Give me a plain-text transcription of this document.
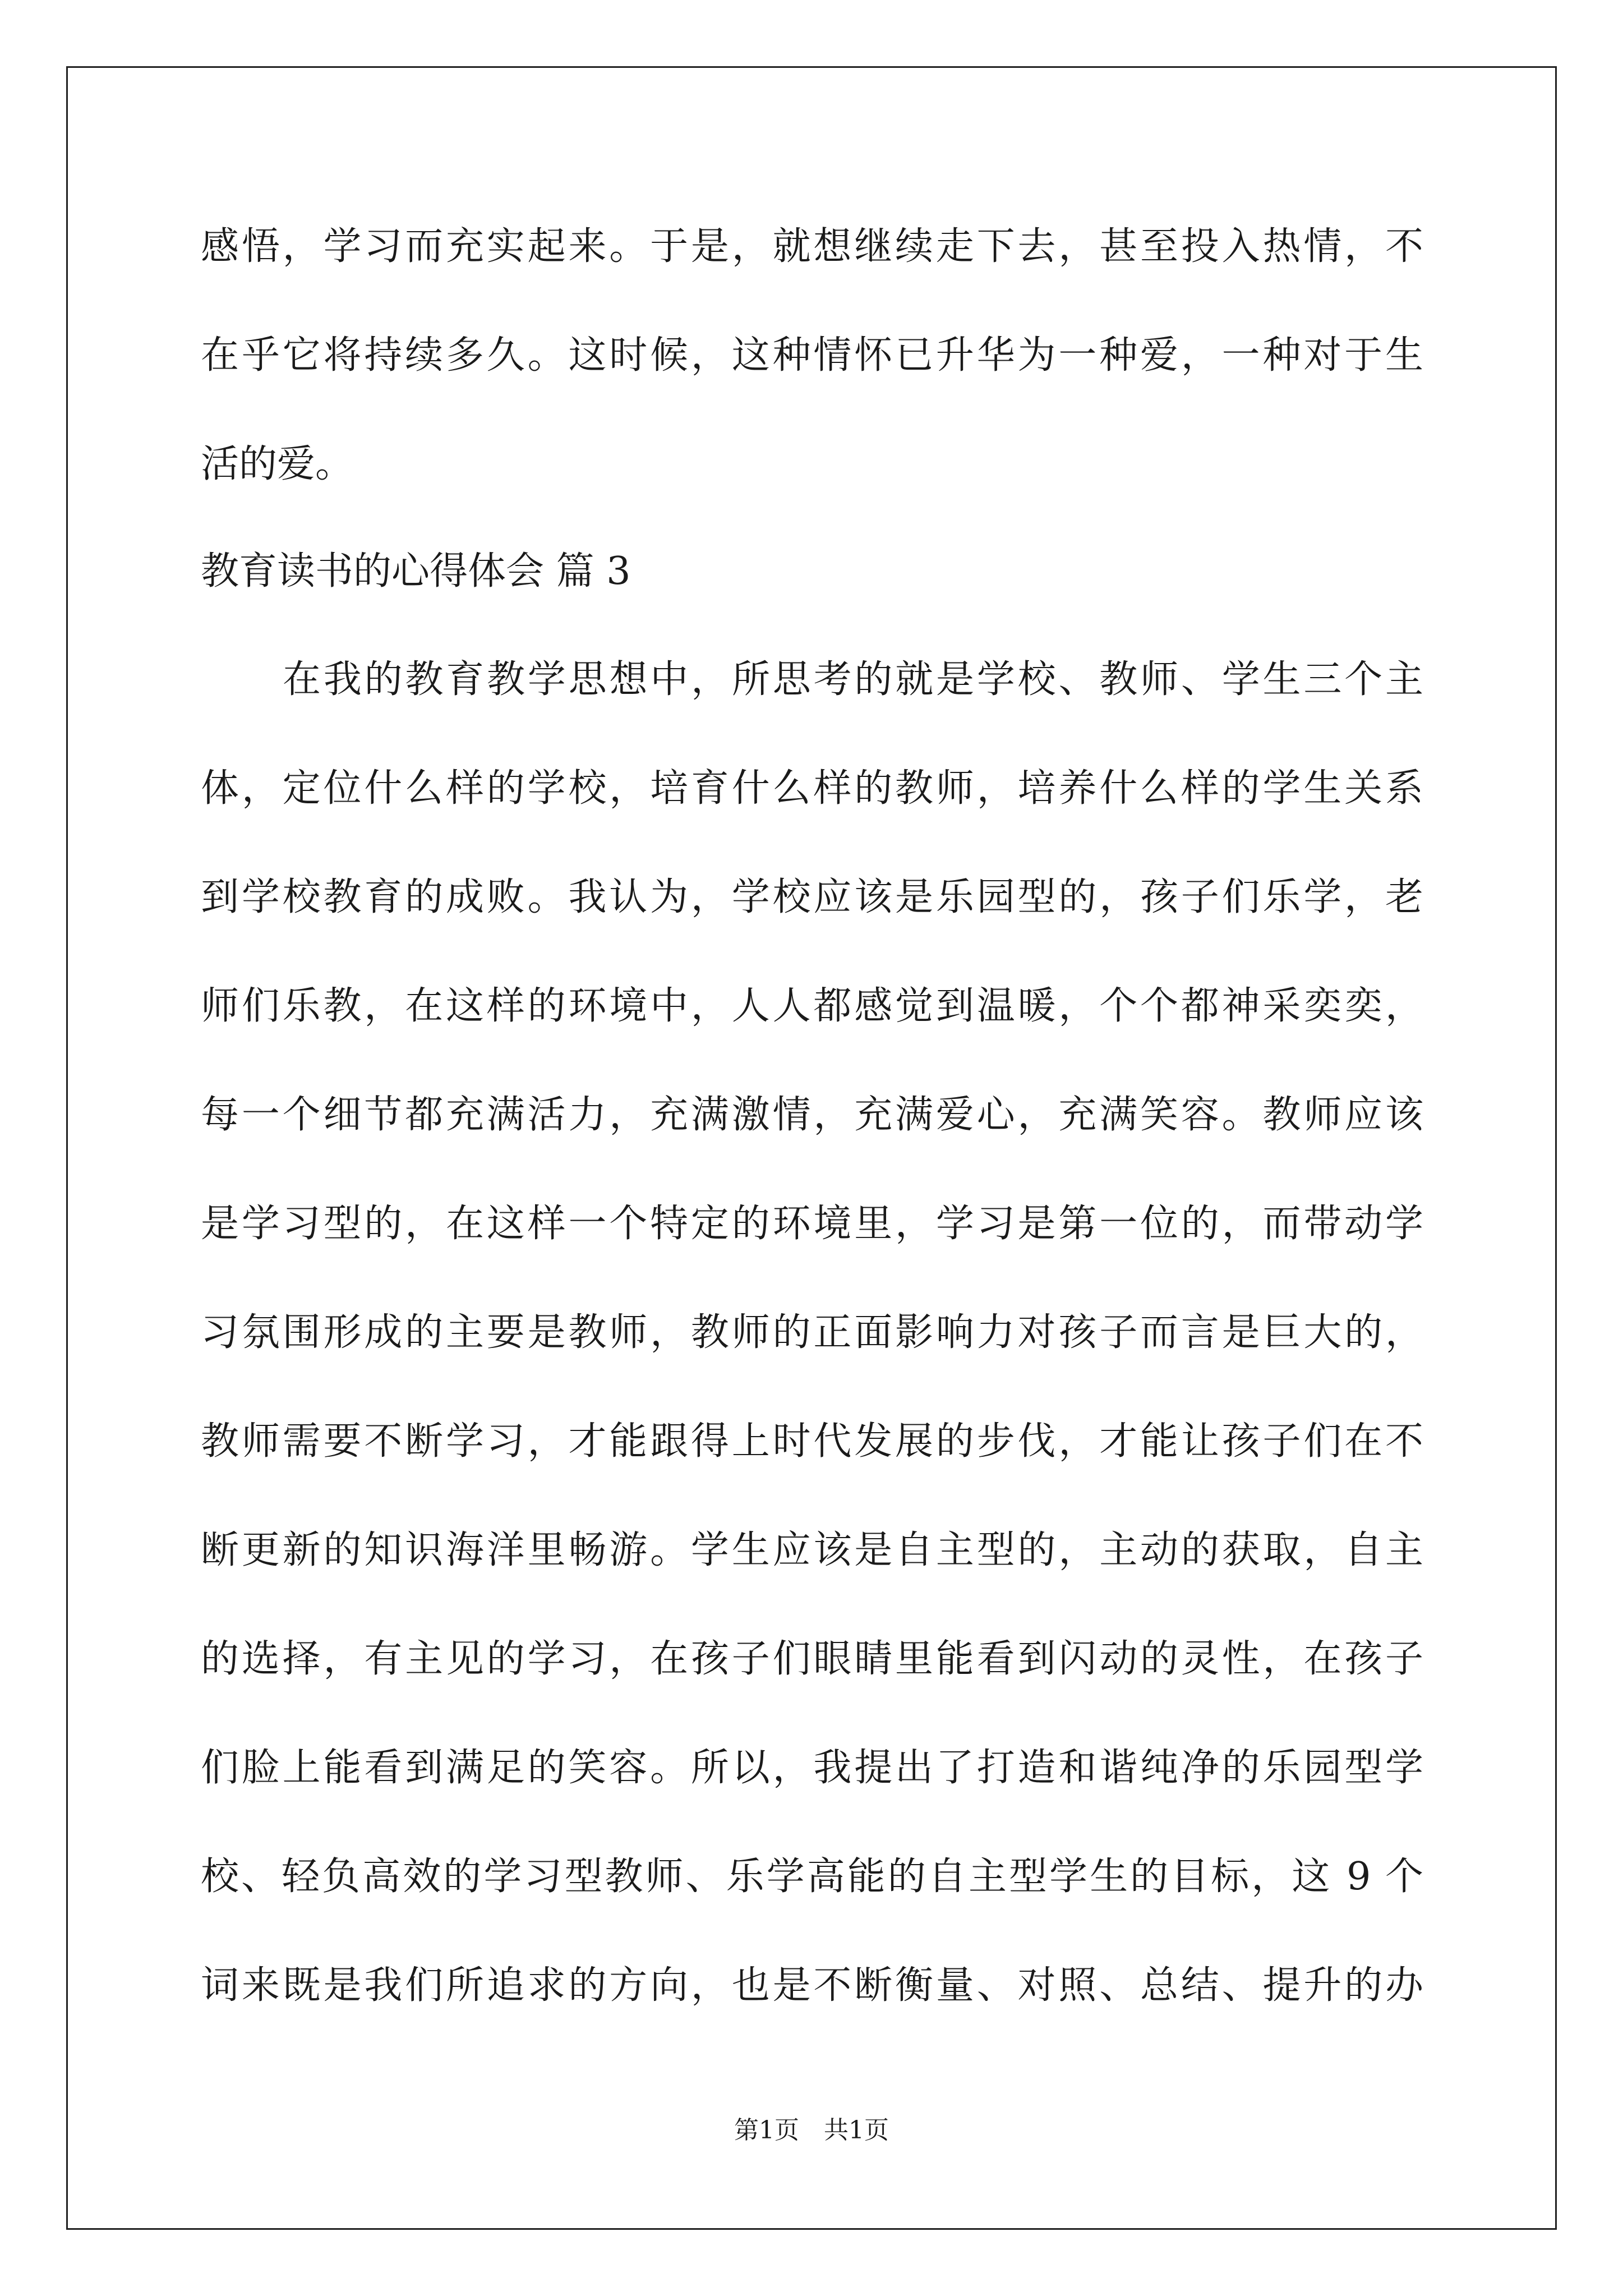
感悟，学习而充实起来。于是，就想继续走下去，甚至投入热情，不
在乎它将持续多久。这时候，这种情怀已升华为一种爱，一种对于生
活的爱。
教育读书的心得体会 篇 3
在我的教育教学思想中，所思考的就是学校、教师、学生三个主
体，定位什么样的学校，培育什么样的教师，培养什么样的学生关系
到学校教育的成败。我认为，学校应该是乐园型的，孩子们乐学，老
师们乐教，在这样的环境中，人人都感觉到温暖，个个都神采奕奕，
每一个细节都充满活力，充满激情，充满爱心，充满笑容。教师应该
是学习型的，在这样一个特定的环境里，学习是第一位的，而带动学
习氛围形成的主要是教师，教师的正面影响力对孩子而言是巨大的，
教师需要不断学习，才能跟得上时代发展的步伐，才能让孩子们在不
断更新的知识海洋里畅游。学生应该是自主型的，主动的获取，自主
的选择，有主见的学习，在孩子们眼睛里能看到闪动的灵性，在孩子
们脸上能看到满足的笑容。所以，我提出了打造和谐纯净的乐园型学
校、轻负高效的学习型教师、乐学高能的自主型学生的目标，这 9 个
词来既是我们所追求的方向，也是不断衡量、对照、总结、提升的办
第1页　共1页
